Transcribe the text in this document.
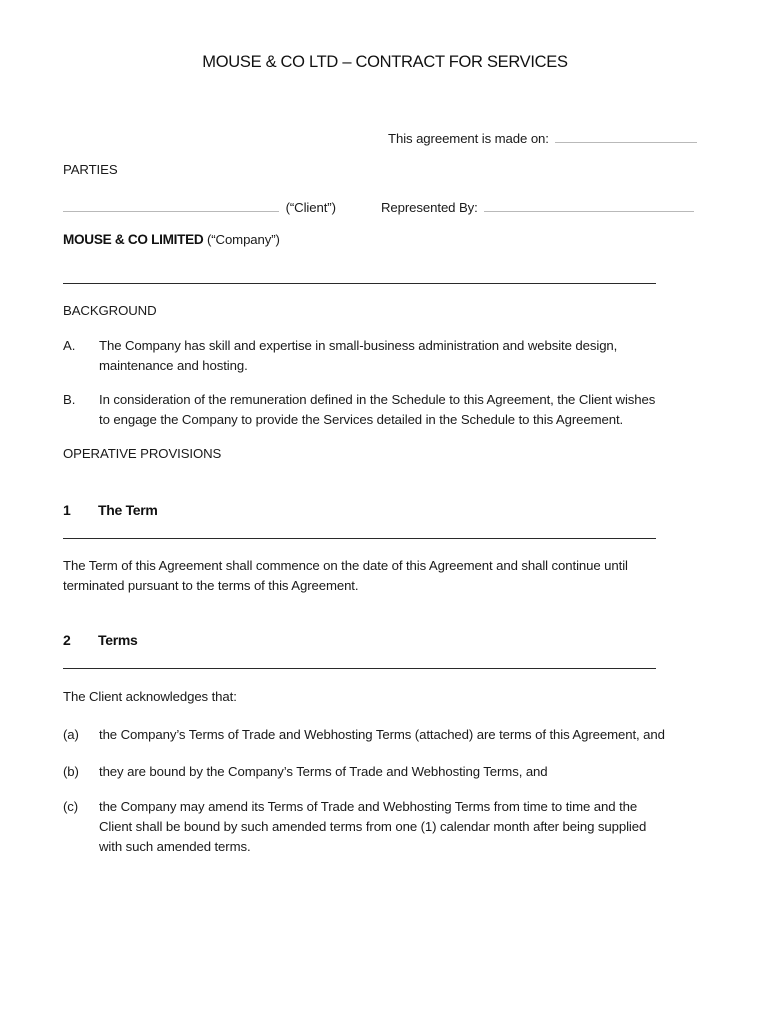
MOUSE & CO LTD – CONTRACT FOR SERVICES
This agreement is made on:
PARTIES
(“Client”)	Represented By:
MOUSE & CO LIMITED (“Company”)
BACKGROUND
A. The Company has skill and expertise in small-business administration and website design,
maintenance and hosting.
B. In consideration of the remuneration defined in the Schedule to this Agreement, the Client wishes
to engage the Company to provide the Services detailed in the Schedule to this Agreement.
OPERATIVE PROVISIONS
1 The Term
The Term of this Agreement shall commence on the date of this Agreement and shall continue until
terminated pursuant to the terms of this Agreement.
2 Terms
The Client acknowledges that:
(a) the Company’s Terms of Trade and Webhosting Terms (attached) are terms of this Agreement, and
(b) they are bound by the Company’s Terms of Trade and Webhosting Terms, and
(c) the Company may amend its Terms of Trade and Webhosting Terms from time to time and the
Client shall be bound by such amended terms from one (1) calendar month after being supplied
with such amended terms.
